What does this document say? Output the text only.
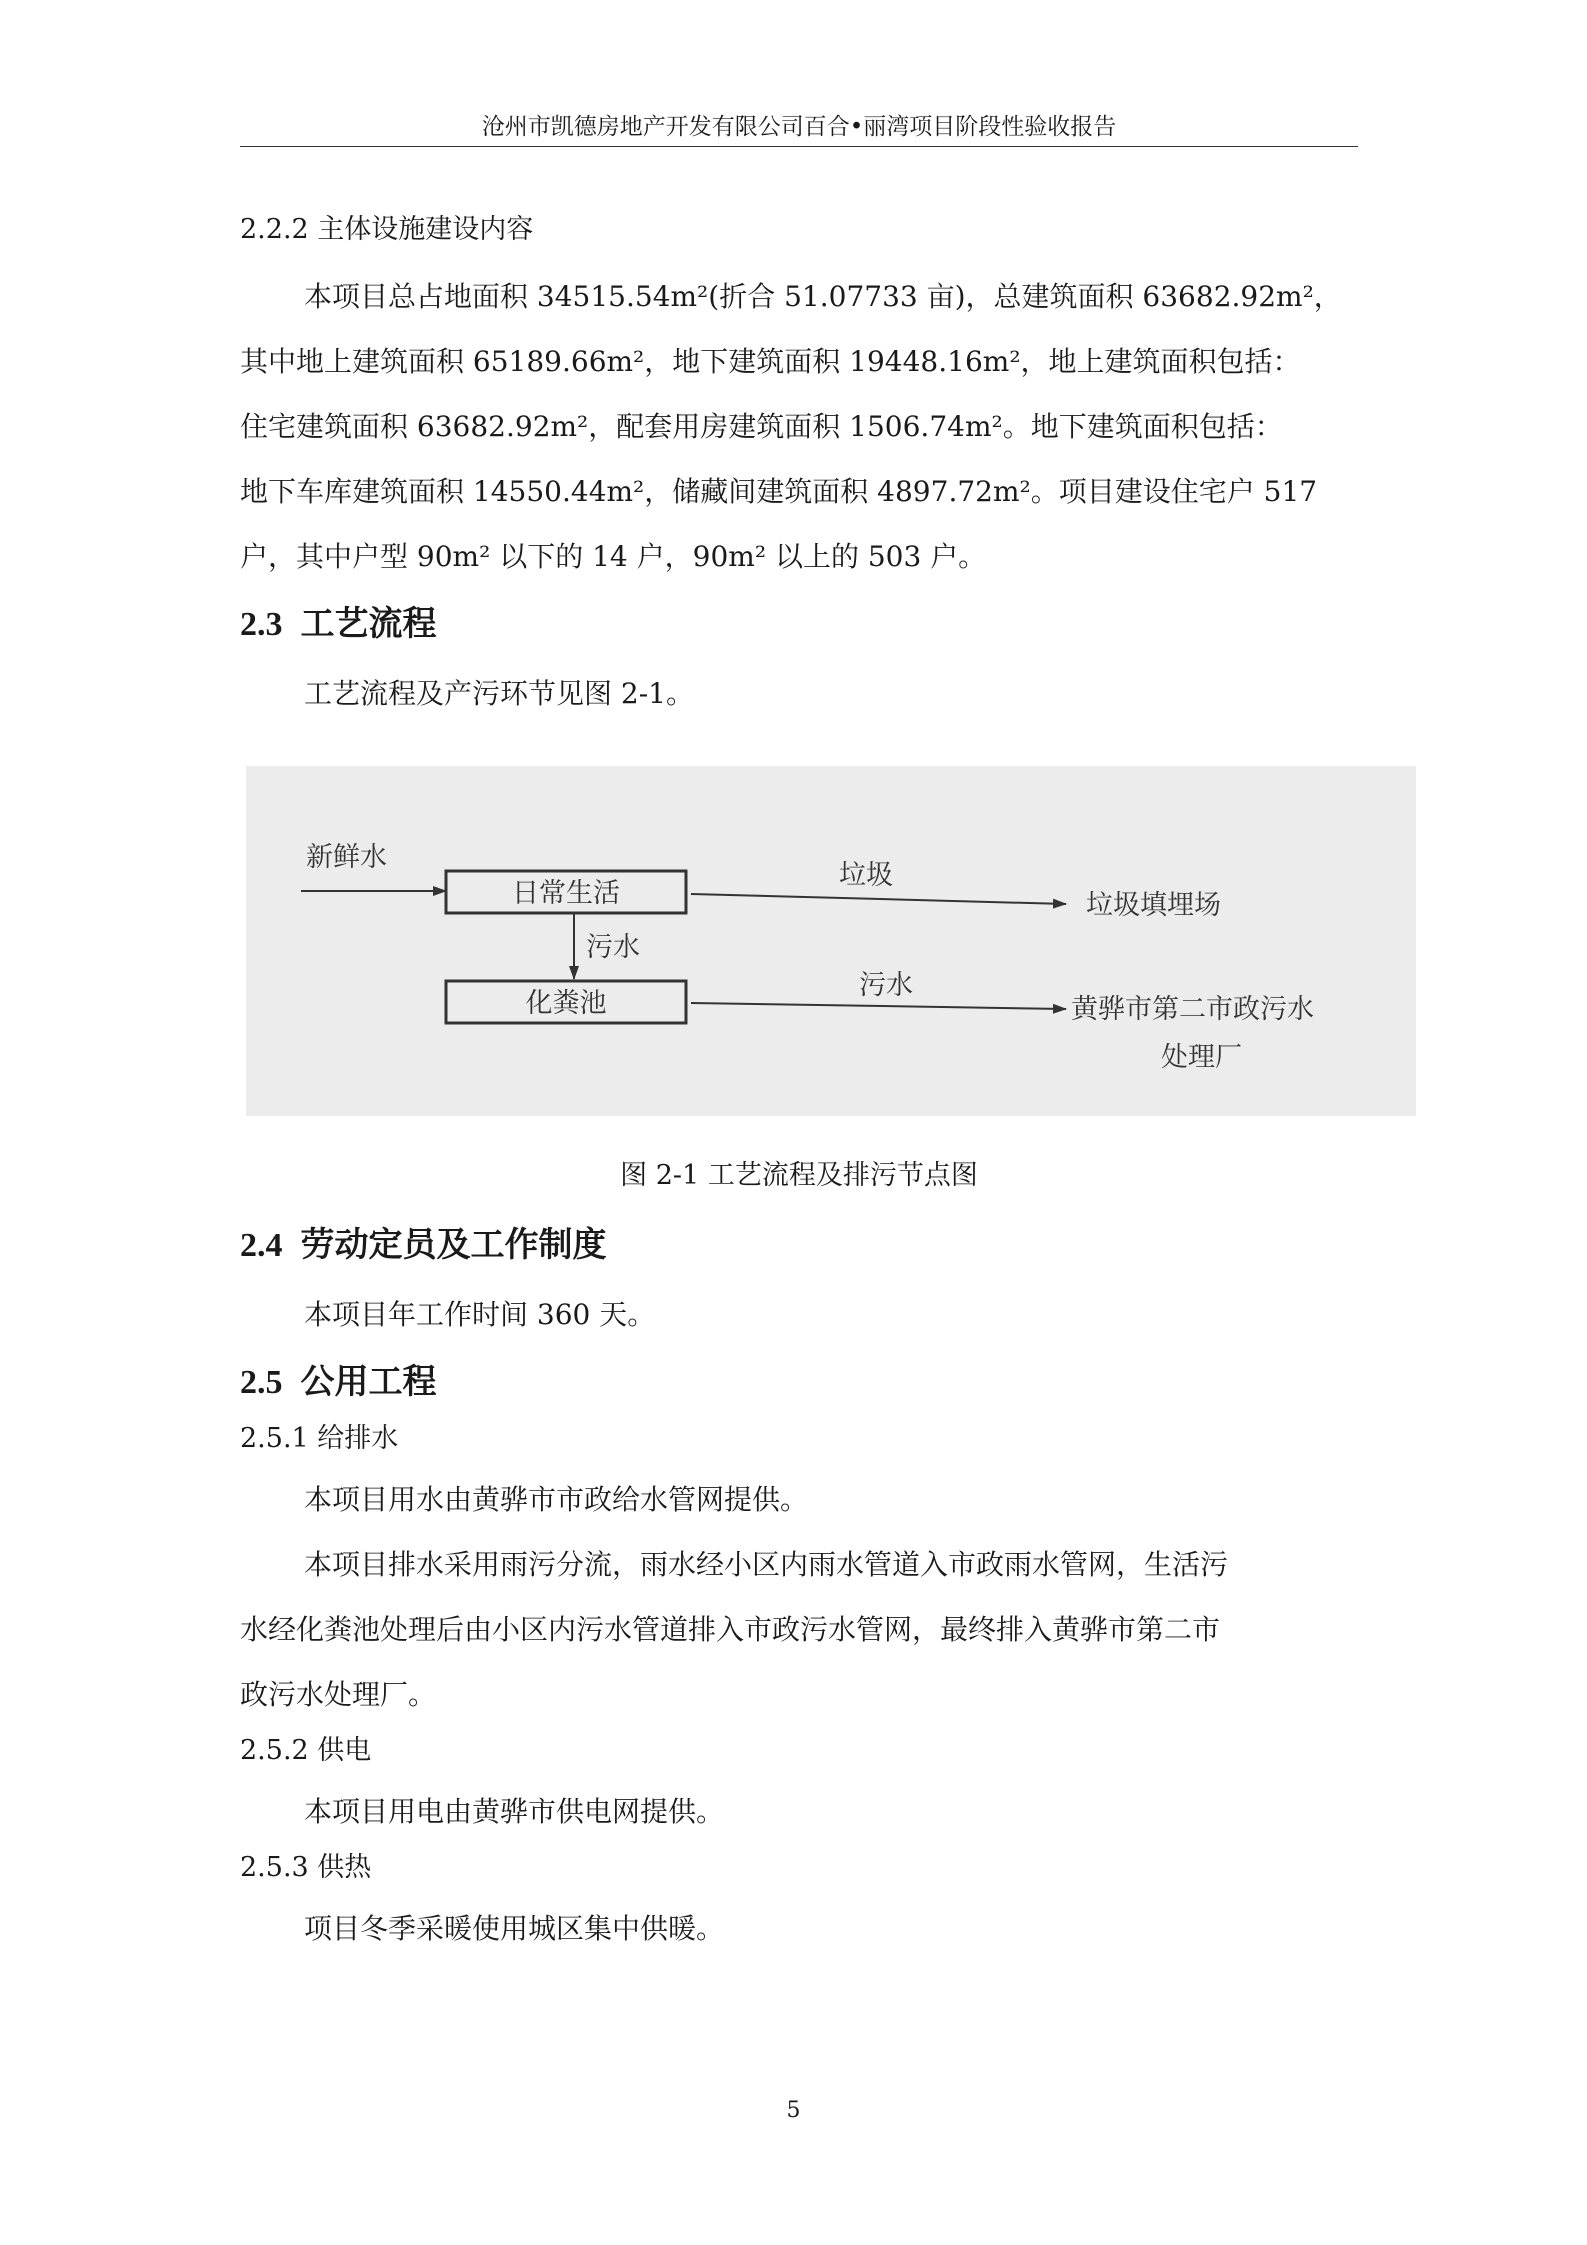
沧州市凯德房地产开发有限公司百合•丽湾项目阶段性验收报告
2.2.2 主体设施建设内容
本项目总占地面积 34515.54m²(折合 51.07733 亩)，总建筑面积 63682.92m²，
其中地上建筑面积 65189.66m²，地下建筑面积 19448.16m²，地上建筑面积包括：
住宅建筑面积 63682.92m²，配套用房建筑面积 1506.74m²。地下建筑面积包括：
地下车库建筑面积 14550.44m²，储藏间建筑面积 4897.72m²。项目建设住宅户 517
户，其中户型 90m² 以下的 14 户，90m² 以上的 503 户。
2.3 工艺流程
工艺流程及产污环节见图 2-1。
新鲜水
日常生活
垃圾
垃圾填埋场
污水
化粪池
污水
黄骅市第二市政污水
处理厂
图 2-1 工艺流程及排污节点图
2.4 劳动定员及工作制度
本项目年工作时间 360 天。
2.5 公用工程
2.5.1 给排水
本项目用水由黄骅市市政给水管网提供。
本项目排水采用雨污分流，雨水经小区内雨水管道入市政雨水管网，生活污
水经化粪池处理后由小区内污水管道排入市政污水管网，最终排入黄骅市第二市
政污水处理厂。
2.5.2 供电
本项目用电由黄骅市供电网提供。
2.5.3 供热
项目冬季采暖使用城区集中供暖。
5
